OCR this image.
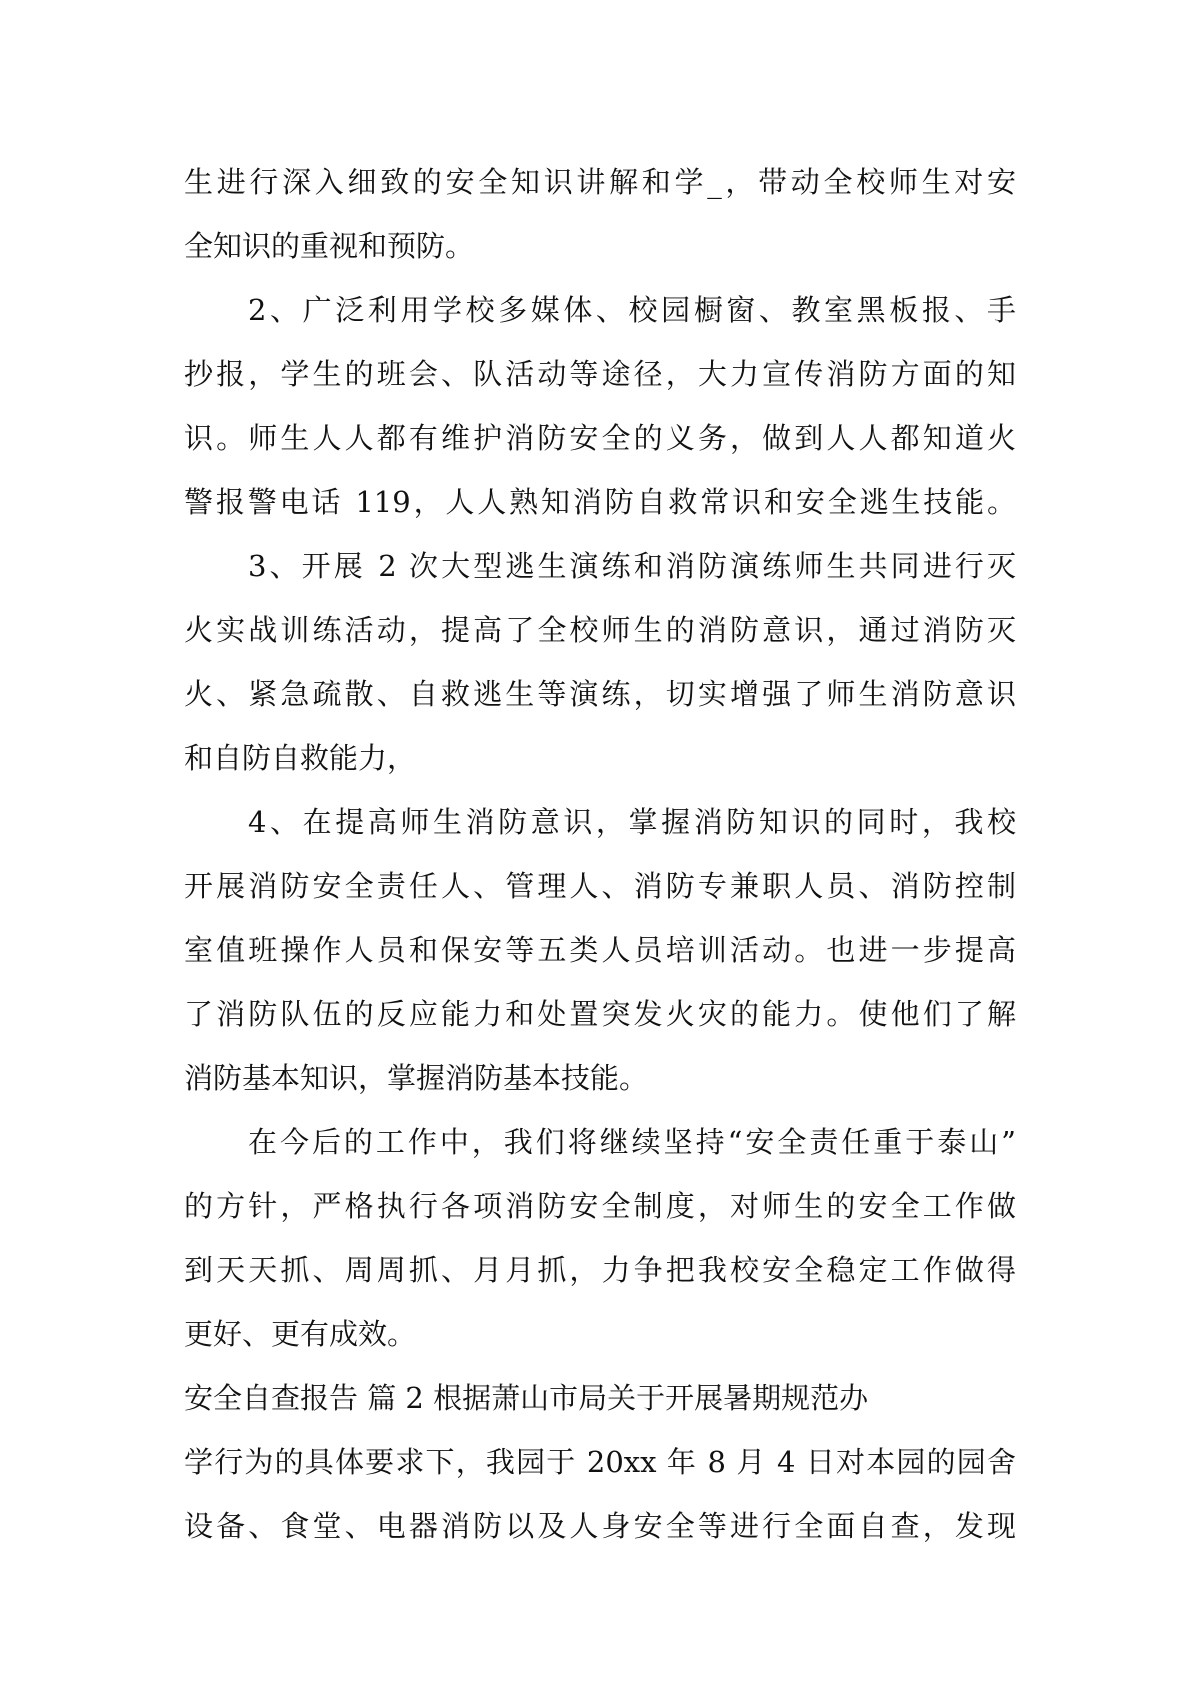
生进行深入细致的安全知识讲解和学_，带动全校师生对安
全知识的重视和预防。
2、广泛利用学校多媒体、校园橱窗、教室黑板报、手
抄报，学生的班会、队活动等途径，大力宣传消防方面的知
识。师生人人都有维护消防安全的义务，做到人人都知道火
警报警电话 119，人人熟知消防自救常识和安全逃生技能。
3、开展 2 次大型逃生演练和消防演练师生共同进行灭
火实战训练活动，提高了全校师生的消防意识，通过消防灭
火、紧急疏散、自救逃生等演练，切实增强了师生消防意识
和自防自救能力，
4、在提高师生消防意识，掌握消防知识的同时，我校
开展消防安全责任人、管理人、消防专兼职人员、消防控制
室值班操作人员和保安等五类人员培训活动。也进一步提高
了消防队伍的反应能力和处置突发火灾的能力。使他们了解
消防基本知识，掌握消防基本技能。
在今后的工作中，我们将继续坚持“安全责任重于泰山”
的方针，严格执行各项消防安全制度，对师生的安全工作做
到天天抓、周周抓、月月抓，力争把我校安全稳定工作做得
更好、更有成效。
安全自查报告 篇 2 根据萧山市局关于开展暑期规范办
学行为的具体要求下，我园于 20xx 年 8 月 4 日对本园的园舍
设备、食堂、电器消防以及人身安全等进行全面自查，发现
